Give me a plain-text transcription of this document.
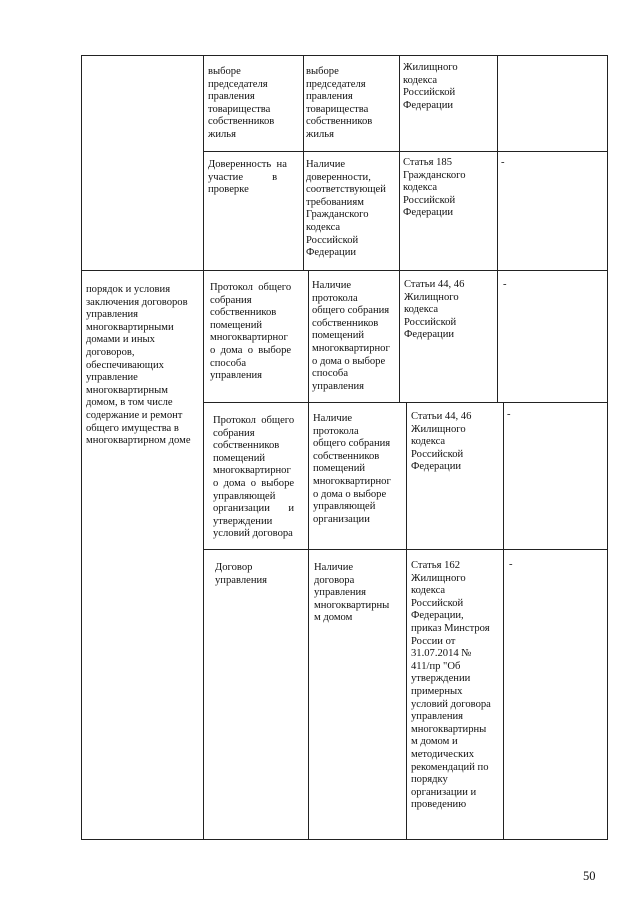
выборе
председателя
правления
товарищества
собственников
жилья
выборе
председателя
правления
товарищества
собственников
жилья
Жилищного
кодекса
Российской
Федерации
Доверенность  на
участие           в
проверке
Наличие
доверенности,
соответствующей
требованиям
Гражданского
кодекса
Российской
Федерации
Статья 185
Гражданского
кодекса
Российской
Федерации
-
порядок и условия
заключения договоров
управления
многоквартирными
домами и иных
договоров,
обеспечивающих
управление
многоквартирным
домом, в том числе
содержание и ремонт
общего имущества в
многоквартирном доме
Протокол  общего
собрания
собственников
помещений
многоквартирног
о  дома  о  выборе
способа
управления
Наличие
протокола
общего собрания
собственников
помещений
многоквартирног
о дома о выборе
способа
управления
Статьи 44, 46
Жилищного
кодекса
Российской
Федерации
-
Протокол  общего
собрания
собственников
помещений
многоквартирног
о  дома  о  выборе
управляющей
организации       и
утверждении
условий договора
Наличие
протокола
общего собрания
собственников
помещений
многоквартирног
о дома о выборе
управляющей
организации
Статьи 44, 46
Жилищного
кодекса
Российской
Федерации
-
Договор
управления
Наличие
договора
управления
многоквартирны
м домом
Статья 162
Жилищного
кодекса
Российской
Федерации,
приказ Минстроя
России от
31.07.2014 №
411/пр "Об
утверждении
примерных
условий договора
управления
многоквартирны
м домом и
методических
рекомендаций по
порядку
организации и
проведению
-
50
